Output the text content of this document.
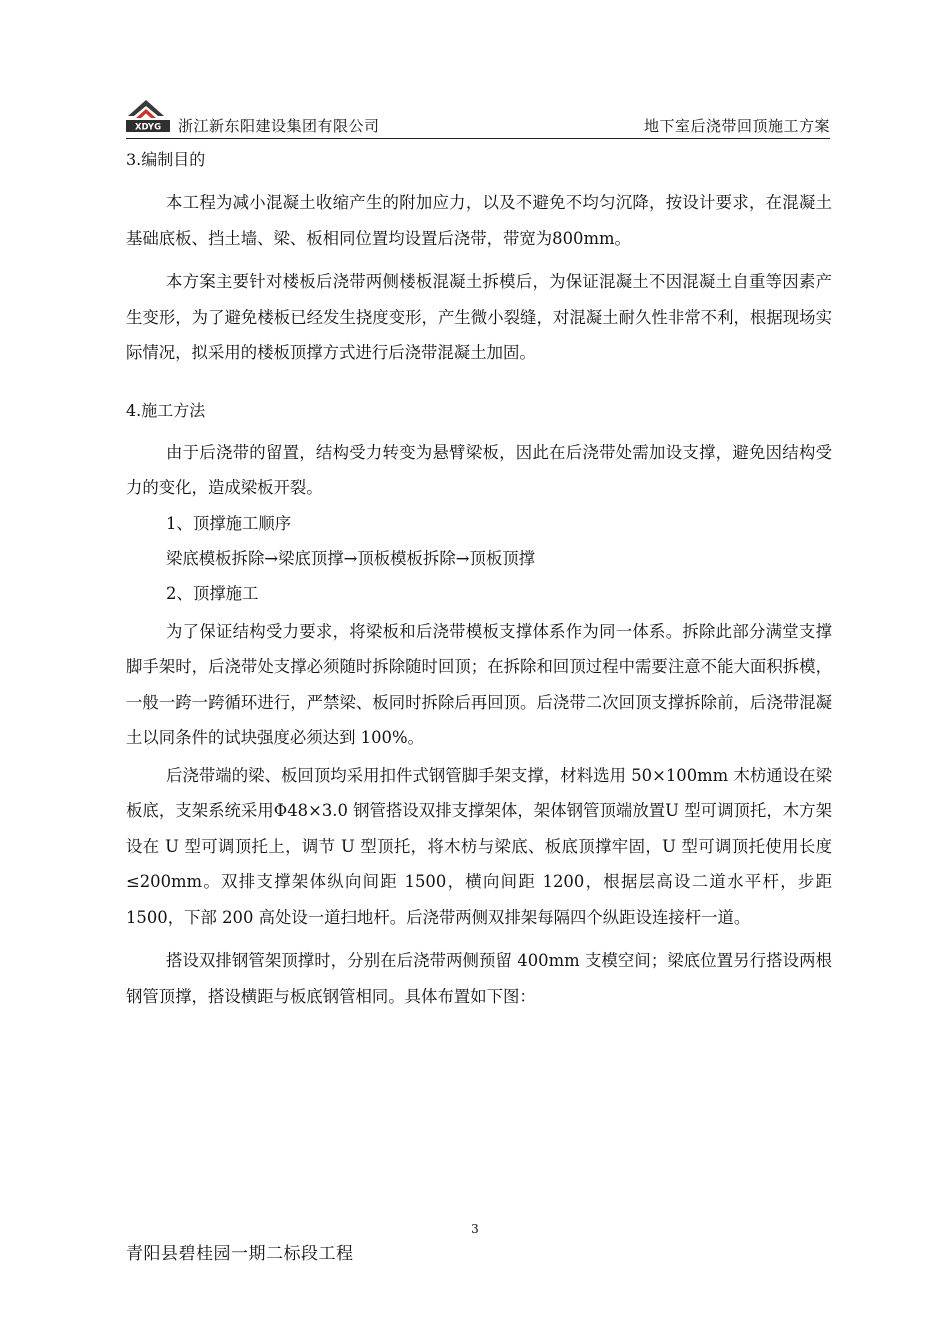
XDYG 浙江新东阳建设集团有限公司	地下室后浇带回顶施工方案

3.编制目的

本工程为减小混凝土收缩产生的附加应力，以及不避免不均匀沉降，按设计要求，在混凝土基础底板、挡土墙、梁、板相同位置均设置后浇带，带宽为800mm。

本方案主要针对楼板后浇带两侧楼板混凝土拆模后，为保证混凝土不因混凝土自重等因素产生变形，为了避免楼板已经发生挠度变形，产生微小裂缝，对混凝土耐久性非常不利，根据现场实际情况，拟采用的楼板顶撑方式进行后浇带混凝土加固。

4.施工方法

由于后浇带的留置，结构受力转变为悬臂梁板，因此在后浇带处需加设支撑，避免因结构受力的变化，造成梁板开裂。

1、顶撑施工顺序

梁底模板拆除→梁底顶撑→顶板模板拆除→顶板顶撑

2、顶撑施工

为了保证结构受力要求，将梁板和后浇带模板支撑体系作为同一体系。拆除此部分满堂支撑脚手架时，后浇带处支撑必须随时拆除随时回顶；在拆除和回顶过程中需要注意不能大面积拆模，一般一跨一跨循环进行，严禁梁、板同时拆除后再回顶。后浇带二次回顶支撑拆除前，后浇带混凝土以同条件的试块强度必须达到 100%。

后浇带端的梁、板回顶均采用扣件式钢管脚手架支撑，材料选用 50×100mm 木枋通设在梁板底，支架系统采用Φ48×3.0 钢管搭设双排支撑架体，架体钢管顶端放置U 型可调顶托，木方架设在 U 型可调顶托上，调节 U 型顶托，将木枋与梁底、板底顶撑牢固，U 型可调顶托使用长度≤200mm。双排支撑架体纵向间距 1500，横向间距 1200，根据层高设二道水平杆，步距 1500，下部 200 高处设一道扫地杆。后浇带两侧双排架每隔四个纵距设连接杆一道。

搭设双排钢管架顶撑时，分别在后浇带两侧预留 400mm 支模空间；梁底位置另行搭设两根钢管顶撑，搭设横距与板底钢管相同。具体布置如下图：

3
青阳县碧桂园一期二标段工程
